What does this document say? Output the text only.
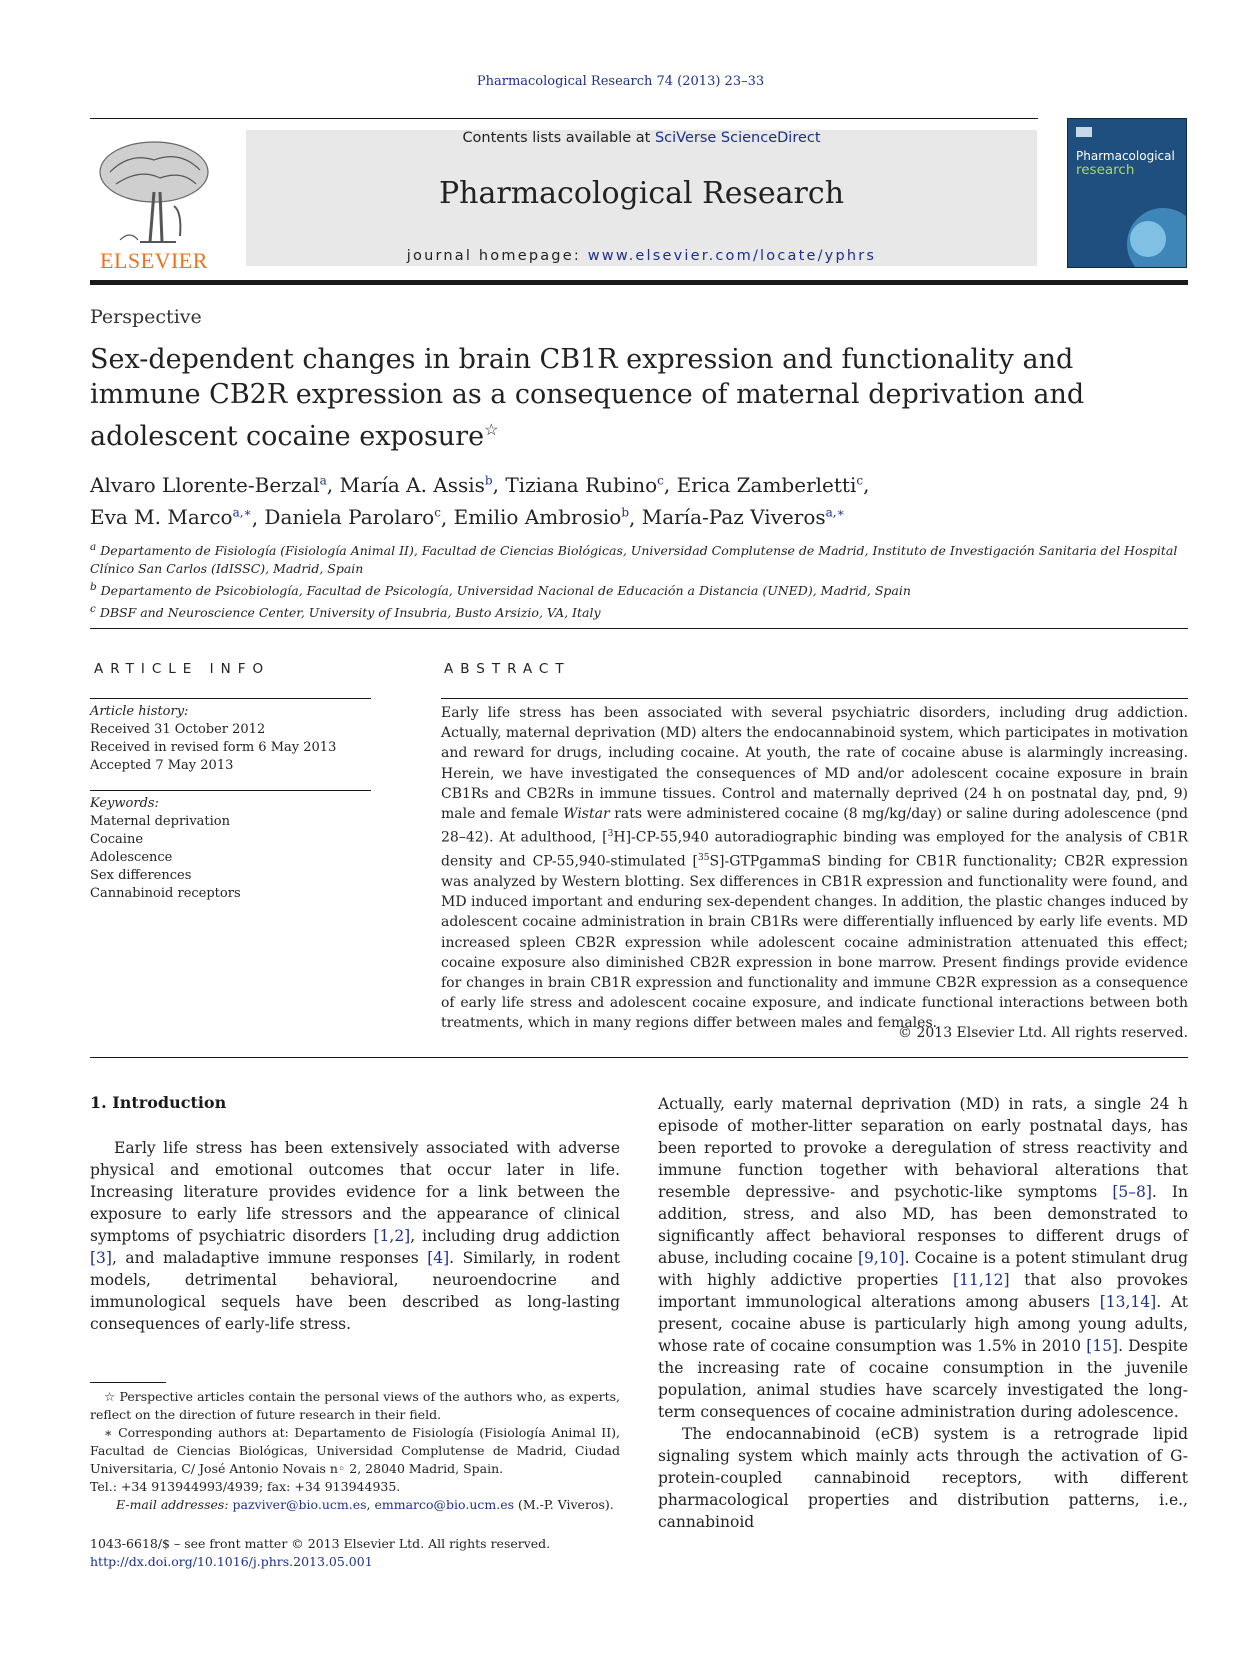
Pharmacological Research 74 (2013) 23–33
ELSEVIER
Contents lists available at SciVerse ScienceDirect
Pharmacological Research
journal homepage: www.elsevier.com/locate/yphrs
Pharmacological
research
Perspective
Sex-dependent changes in brain CB1R expression and functionality and immune CB2R expression as a consequence of maternal deprivation and adolescent cocaine exposure☆
Alvaro Llorente-Berzal$^a$, María A. Assis$^b$, Tiziana Rubino$^c$, Erica Zamberletti$^c$,
Eva M. Marco$^{a,∗}$, Daniela Parolaro$^c$, Emilio Ambrosio$^b$, María-Paz Viveros$^{a,∗}$
$^a$ Departamento de Fisiología (Fisiología Animal II), Facultad de Ciencias Biológicas, Universidad Complutense de Madrid, Instituto de Investigación Sanitaria del Hospital Clínico San Carlos (IdISSC), Madrid, Spain
$^b$ Departamento de Psicobiología, Facultad de Psicología, Universidad Nacional de Educación a Distancia (UNED), Madrid, Spain
$^c$ DBSF and Neuroscience Center, University of Insubria, Busto Arsizio, VA, Italy
ARTICLE INFO
Article history:
Received 31 October 2012
Received in revised form 6 May 2013
Accepted 7 May 2013
Keywords:
Maternal deprivation
Cocaine
Adolescence
Sex differences
Cannabinoid receptors
ABSTRACT
Early life stress has been associated with several psychiatric disorders, including drug addiction. Actually, maternal deprivation (MD) alters the endocannabinoid system, which participates in motivation and reward for drugs, including cocaine. At youth, the rate of cocaine abuse is alarmingly increasing. Herein, we have investigated the consequences of MD and/or adolescent cocaine exposure in brain CB1Rs and CB2Rs in immune tissues. Control and maternally deprived (24 h on postnatal day, pnd, 9) male and female Wistar rats were administered cocaine (8 mg/kg/day) or saline during adolescence (pnd 28–42). At adulthood, [$^3$H]-CP-55,940 autoradiographic binding was employed for the analysis of CB1R density and CP-55,940-stimulated [$^{35}$S]-GTPgammaS binding for CB1R functionality; CB2R expression was analyzed by Western blotting. Sex differences in CB1R expression and functionality were found, and MD induced important and enduring sex-dependent changes. In addition, the plastic changes induced by adolescent cocaine administration in brain CB1Rs were differentially influenced by early life events. MD increased spleen CB2R expression while adolescent cocaine administration attenuated this effect; cocaine exposure also diminished CB2R expression in bone marrow. Present findings provide evidence for changes in brain CB1R expression and functionality and immune CB2R expression as a consequence of early life stress and adolescent cocaine exposure, and indicate functional interactions between both treatments, which in many regions differ between males and females.
© 2013 Elsevier Ltd. All rights reserved.
1. Introduction
Early life stress has been extensively associated with adverse physical and emotional outcomes that occur later in life. Increasing literature provides evidence for a link between the exposure to early life stressors and the appearance of clinical symptoms of psychiatric disorders [1,2], including drug addiction [3], and maladaptive immune responses [4]. Similarly, in rodent models, detrimental behavioral, neuroendocrine and immunological sequels have been described as long-lasting consequences of early-life stress.
Actually, early maternal deprivation (MD) in rats, a single 24 h episode of mother-litter separation on early postnatal days, has been reported to provoke a deregulation of stress reactivity and immune function together with behavioral alterations that resemble depressive- and psychotic-like symptoms [5–8]. In addition, stress, and also MD, has been demonstrated to significantly affect behavioral responses to different drugs of abuse, including cocaine [9,10]. Cocaine is a potent stimulant drug with highly addictive properties [11,12] that also provokes important immunological alterations among abusers [13,14]. At present, cocaine abuse is particularly high among young adults, whose rate of cocaine consumption was 1.5% in 2010 [15]. Despite the increasing rate of cocaine consumption in the juvenile population, animal studies have scarcely investigated the long-term consequences of cocaine administration during adolescence.
The endocannabinoid (eCB) system is a retrograde lipid signaling system which mainly acts through the activation of G-protein-coupled cannabinoid receptors, with different pharmacological properties and distribution patterns, i.e., cannabinoid
☆ Perspective articles contain the personal views of the authors who, as experts, reflect on the direction of future research in their field.
∗ Corresponding authors at: Departamento de Fisiología (Fisiología Animal II), Facultad de Ciencias Biológicas, Universidad Complutense de Madrid, Ciudad Universitaria, C/ José Antonio Novais n◦ 2, 28040 Madrid, Spain.
Tel.: +34 913944993/4939; fax: +34 913944935.
E-mail addresses: pazviver@bio.ucm.es, emmarco@bio.ucm.es (M.-P. Viveros).
1043-6618/$ – see front matter © 2013 Elsevier Ltd. All rights reserved.
http://dx.doi.org/10.1016/j.phrs.2013.05.001
